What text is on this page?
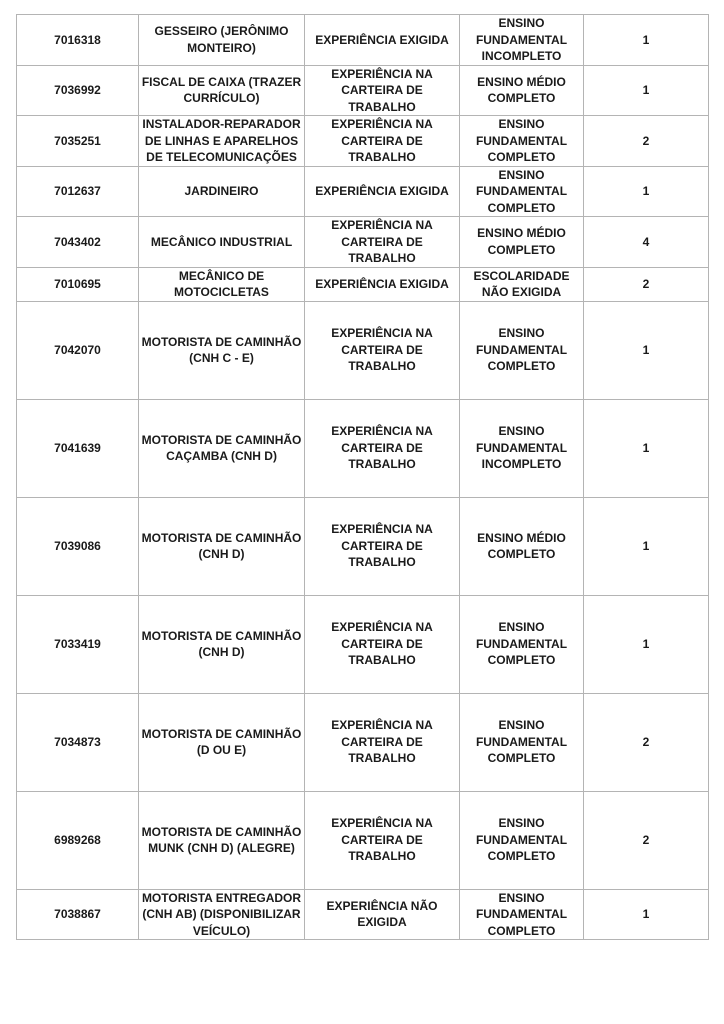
7016318	GESSEIRO (JERÔNIMO MONTEIRO)	EXPERIÊNCIA EXIGIDA	ENSINO FUNDAMENTAL INCOMPLETO	1
7036992	FISCAL DE CAIXA (TRAZER CURRÍCULO)	EXPERIÊNCIA NA CARTEIRA DE TRABALHO	ENSINO MÉDIO COMPLETO	1
7035251	INSTALADOR-REPARADOR DE LINHAS E APARELHOS DE TELECOMUNICAÇÕES	EXPERIÊNCIA NA CARTEIRA DE TRABALHO	ENSINO FUNDAMENTAL COMPLETO	2
7012637	JARDINEIRO	EXPERIÊNCIA EXIGIDA	ENSINO FUNDAMENTAL COMPLETO	1
7043402	MECÂNICO INDUSTRIAL	EXPERIÊNCIA NA CARTEIRA DE TRABALHO	ENSINO MÉDIO COMPLETO	4
7010695	MECÂNICO DE MOTOCICLETAS	EXPERIÊNCIA EXIGIDA	ESCOLARIDADE NÃO EXIGIDA	2
7042070	MOTORISTA DE CAMINHÃO (CNH C - E)	EXPERIÊNCIA NA CARTEIRA DE TRABALHO	ENSINO FUNDAMENTAL COMPLETO	1
7041639	MOTORISTA DE CAMINHÃO CAÇAMBA (CNH D)	EXPERIÊNCIA NA CARTEIRA DE TRABALHO	ENSINO FUNDAMENTAL INCOMPLETO	1
7039086	MOTORISTA DE CAMINHÃO (CNH D)	EXPERIÊNCIA NA CARTEIRA DE TRABALHO	ENSINO MÉDIO COMPLETO	1
7033419	MOTORISTA DE CAMINHÃO (CNH D)	EXPERIÊNCIA NA CARTEIRA DE TRABALHO	ENSINO FUNDAMENTAL COMPLETO	1
7034873	MOTORISTA DE CAMINHÃO (D OU E)	EXPERIÊNCIA NA CARTEIRA DE TRABALHO	ENSINO FUNDAMENTAL COMPLETO	2
6989268	MOTORISTA DE CAMINHÃO MUNK (CNH D) (ALEGRE)	EXPERIÊNCIA NA CARTEIRA DE TRABALHO	ENSINO FUNDAMENTAL COMPLETO	2
7038867	MOTORISTA ENTREGADOR (CNH AB) (DISPONIBILIZAR VEÍCULO)	EXPERIÊNCIA NÃO EXIGIDA	ENSINO FUNDAMENTAL COMPLETO	1
